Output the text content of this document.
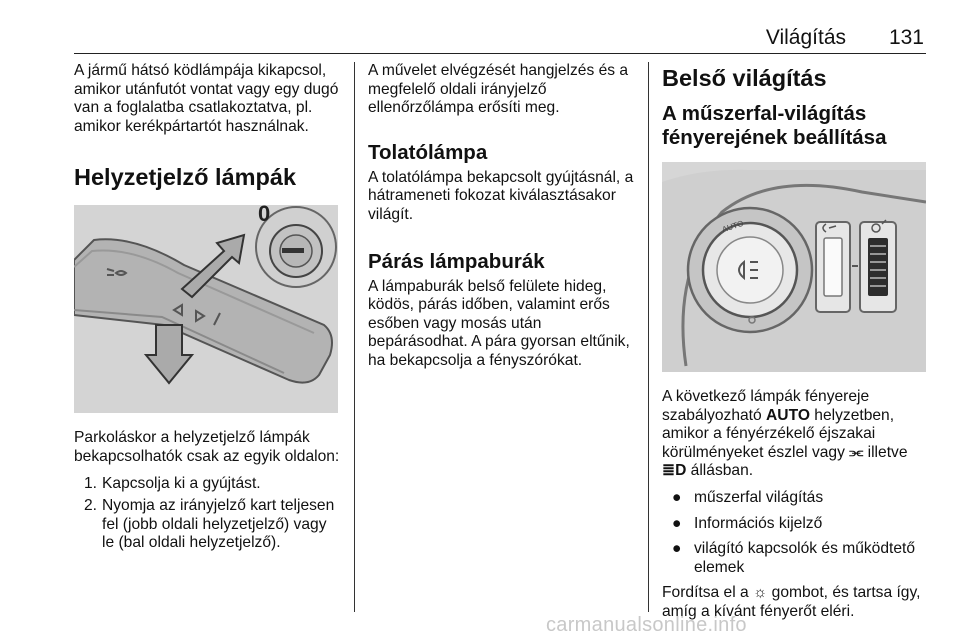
Világítás 131

A jármű hátsó ködlámpája kikapcsol, amikor utánfutót vontat vagy egy dugó van a foglalatba csatlakoztatva, pl. amikor kerékpártartót használnak.

Helyzetjelző lámpák
0

Parkoláskor a helyzetjelző lámpák bekapcsolhatók csak az egyik oldalon:

1. Kapcsolja ki a gyújtást.
2. Nyomja az irányjelző kart teljesen fel (jobb oldali helyzetjelző) vagy le (bal oldali helyzetjelző).

A művelet elvégzését hangjelzés és a megfelelő oldali irányjelző ellenőrzőlámpa erősíti meg.

Tolatólámpa

A tolatólámpa bekapcsolt gyújtásnál, a hátrameneti fokozat kiválasztásakor világít.

Párás lámpaburák

A lámpaburák belső felülete hideg, ködös, párás időben, valamint erős esőben vagy mosás után bepárásodhat. A pára gyorsan eltűnik, ha bekapcsolja a fényszórókat.

Belső világítás
A műszerfal-világítás fényerejének beállítása
AUTO

A következő lámpák fényereje szabályozható AUTO helyzetben, amikor a fényérzékelő éjszakai körülményeket észlel vagy ⫘⁠ illetve ≣D állásban.

● műszerfal világítás
● Információs kijelző
● világító kapcsolók és működtető elemek

Fordítsa el a ☼ gombot, és tartsa így, amíg a kívánt fényerőt eléri.

carmanualsonline.info
